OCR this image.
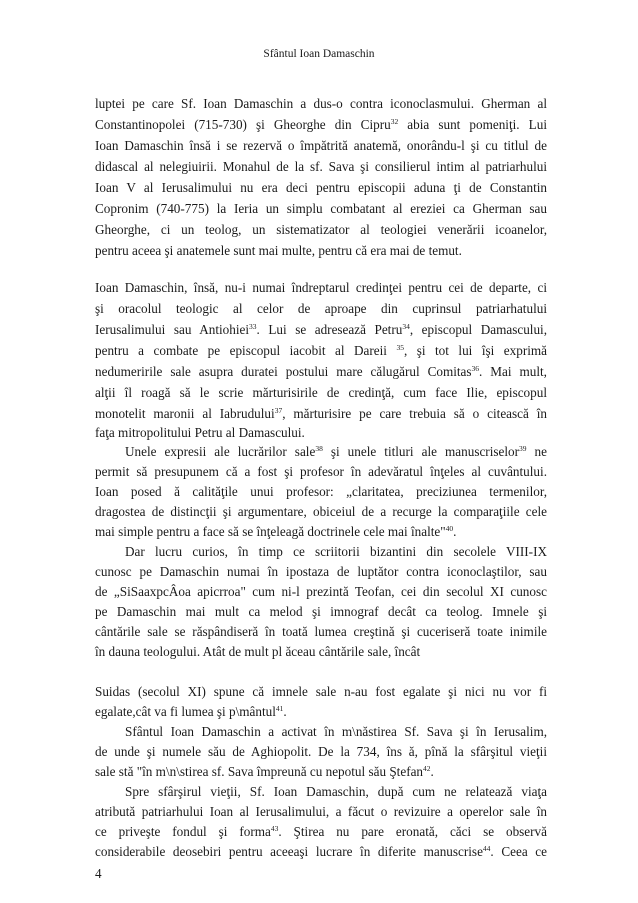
Sfântul Ioan Damaschin
luptei pe care Sf. Ioan Damaschin a dus-o contra iconoclasmului. Gherman al
Constantinopolei (715-730) şi Gheorghe din Cipru$^{32}$ abia sunt pomeniţi. Lui
Ioan Damaschin însă i se rezervă o împătrită anatemă, onorându-l şi cu titlul de
didascal al nelegiuirii. Monahul de la sf. Sava şi consilierul intim al patriarhului
Ioan V al Ierusalimului nu era deci pentru episcopii aduna ţi de Constantin
Copronim (740-775) la Ieria un simplu combatant al ereziei ca Gherman sau
Gheorghe, ci un teolog, un sistematizator al teologiei venerării icoanelor,
pentru aceea şi anatemele sunt mai multe, pentru că era mai de temut.
Ioan Damaschin, însă, nu-i numai îndreptarul credinţei pentru cei de departe, ci
şi oracolul teologic al celor de aproape din cuprinsul patriarhatului
Ierusalimului sau Antiohiei$^{33}$. Lui se adresează Petru$^{34}$, episcopul Damascului,
pentru a combate pe episcopul iacobit al Dareii $^{35}$, şi tot lui îşi exprimă
nedumeririle sale asupra duratei postului mare călugărul Comitas$^{36}$. Mai mult,
alţii îl roagă să le scrie mărturisirile de credinţă, cum face Ilie, episcopul
monotelit maronii al Iabrudului$^{37}$, mărturisire pe care trebuia să o citească în
faţa mitropolitului Petru al Damascului.
Unele expresii ale lucrărilor sale$^{38}$ şi unele titluri ale manuscriselor$^{39}$ ne
permit să presupunem că a fost şi profesor în adevăratul înţeles al cuvântului.
Ioan posed ă calităţile unui profesor: „claritatea, preciziunea termenilor,
dragostea de distincţii şi argumentare, obiceiul de a recurge la comparaţiile cele
mai simple pentru a face să se înţeleagă doctrinele cele mai înalte"$^{40}$.
Dar lucru curios, în timp ce scriitorii bizantini din secolele VIII-IX
cunosc pe Damaschin numai în ipostaza de luptător contra iconoclaştilor, sau
de „SiSaaxpcÂoa apicrroa" cum ni-l prezintă Teofan, cei din secolul XI cunosc
pe Damaschin mai mult ca melod şi imnograf decât ca teolog. Imnele şi
cântările sale se răspândiseră în toată lumea creştină şi cuceriseră toate inimile
în dauna teologului. Atât de mult pl ăceau cântările sale, încât
Suidas (secolul XI) spune că imnele sale n-au fost egalate şi nici nu vor fi
egalate,cât va fi lumea şi p\mântul$^{41}$.
Sfântul Ioan Damaschin a activat în m\năstirea Sf. Sava şi în Ierusalim,
de unde şi numele său de Aghiopolit. De la 734, îns ă, pînă la sfârşitul vieţii
sale stă "în m\n\stirea sf. Sava împreună cu nepotul său Ştefan$^{42}$.
Spre sfârşirul vieţii, Sf. Ioan Damaschin, după cum ne relatează viaţa
atribută patriarhului Ioan al Ierusalimului, a făcut o revizuire a operelor sale în
ce priveşte fondul şi forma$^{43}$. Ştirea nu pare eronată, căci se observă
considerabile deosebiri pentru aceeaşi lucrare în diferite manuscrise$^{44}$. Ceea ce
4
